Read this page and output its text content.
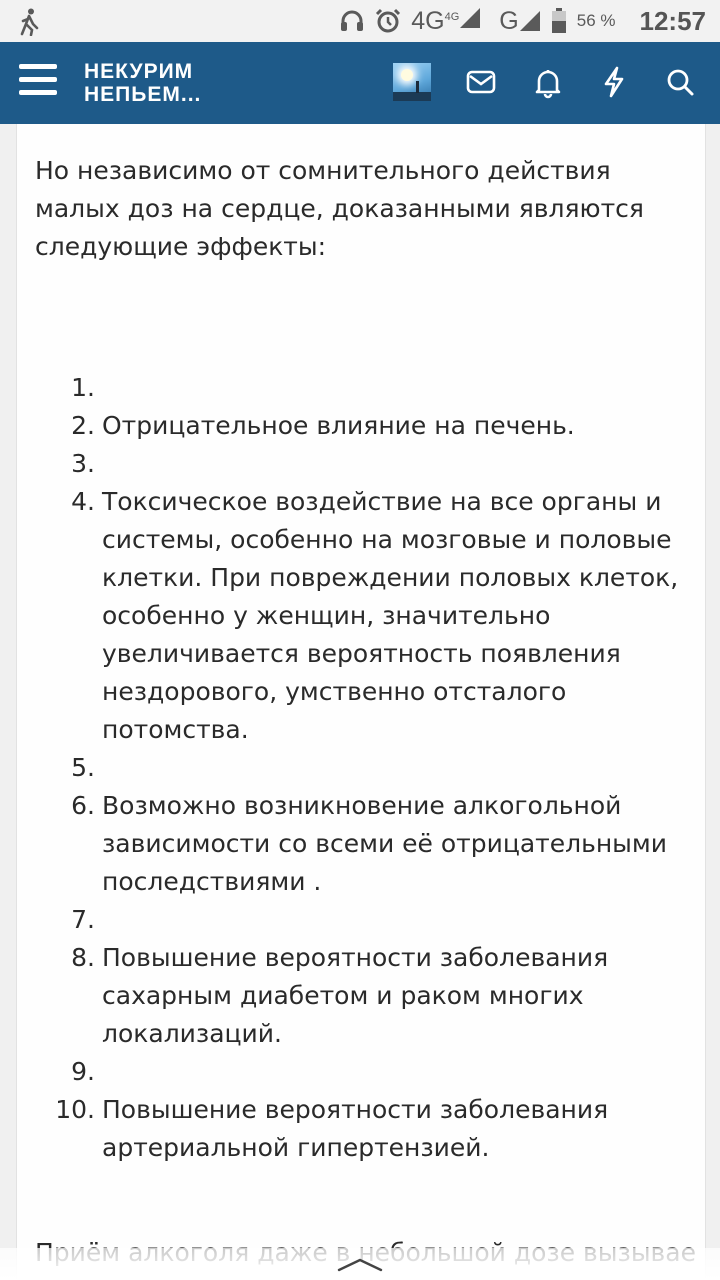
4G 4G G	56 % 12:57
НЕКУРИМ
НЕПЬЕМ...

Но независимо от сомнительного действия малых доз на сердце, доказанными являются следующие эффекты:

1.
2. Отрицательное влияние на печень.
3.
4. Токсическое воздействие на все органы и системы, особенно на мозговые и половые клетки. При повреждении половых клеток, особенно у женщин, значительно увеличивается вероятность появления нездорового, умственно отсталого потомства.
5.
6. Возможно возникновение алкогольной зависимости со всеми её отрицательными последствиями .
7.
8. Повышение вероятности заболевания сахарным диабетом и раком многих локализаций.
9.
10. Повышение вероятности заболевания артериальной гипертензией.
